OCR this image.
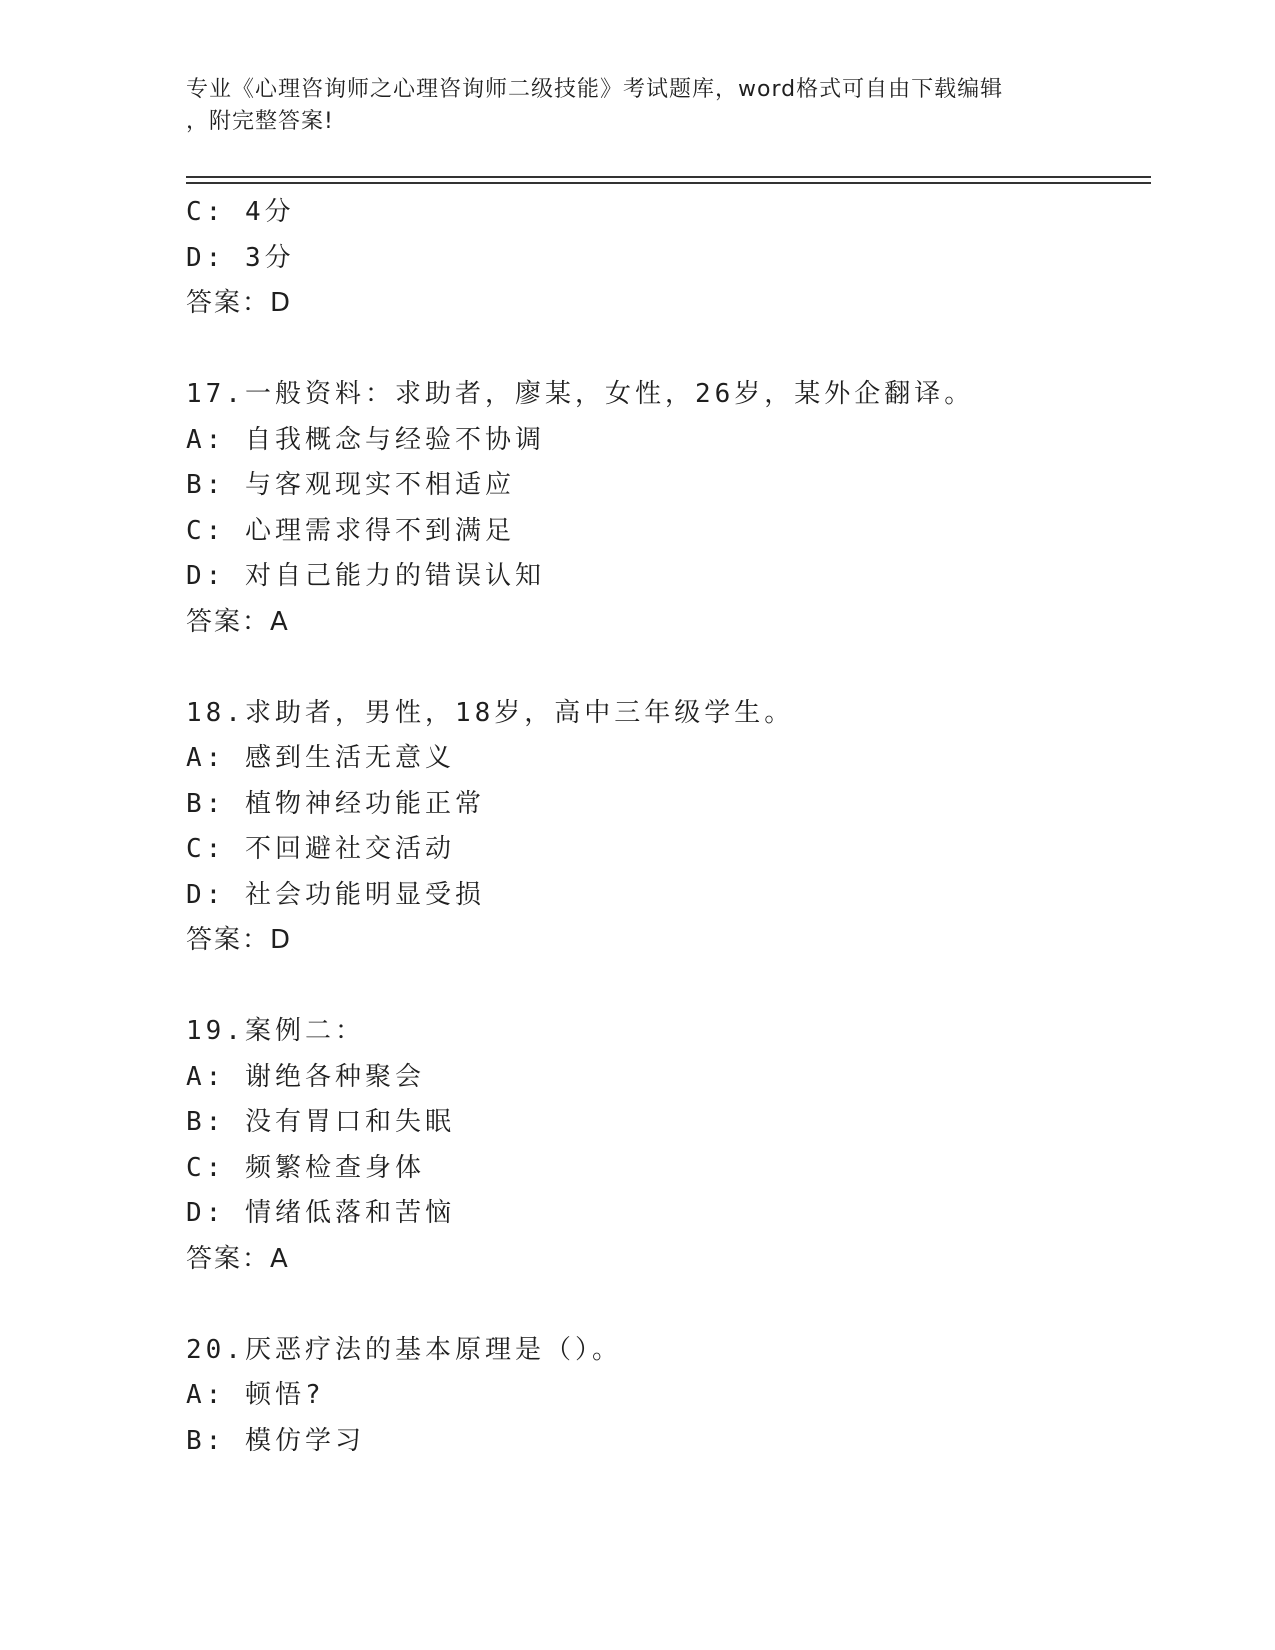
专业《心理咨询师之心理咨询师二级技能》考试题库，word格式可自由下载编辑
，附完整答案!
C: 4分
D: 3分
答案：D
17.一般资料：求助者，廖某，女性，26岁，某外企翻译。
A: 自我概念与经验不协调
B: 与客观现实不相适应
C: 心理需求得不到满足
D: 对自己能力的错误认知
答案：A
18.求助者，男性，18岁，高中三年级学生。
A: 感到生活无意义
B: 植物神经功能正常
C: 不回避社交活动
D: 社会功能明显受损
答案：D
19.案例二：
A: 谢绝各种聚会
B: 没有胃口和失眠
C: 频繁检查身体
D: 情绪低落和苦恼
答案：A
20.厌恶疗法的基本原理是（）。
A: 顿悟?
B: 模仿学习
